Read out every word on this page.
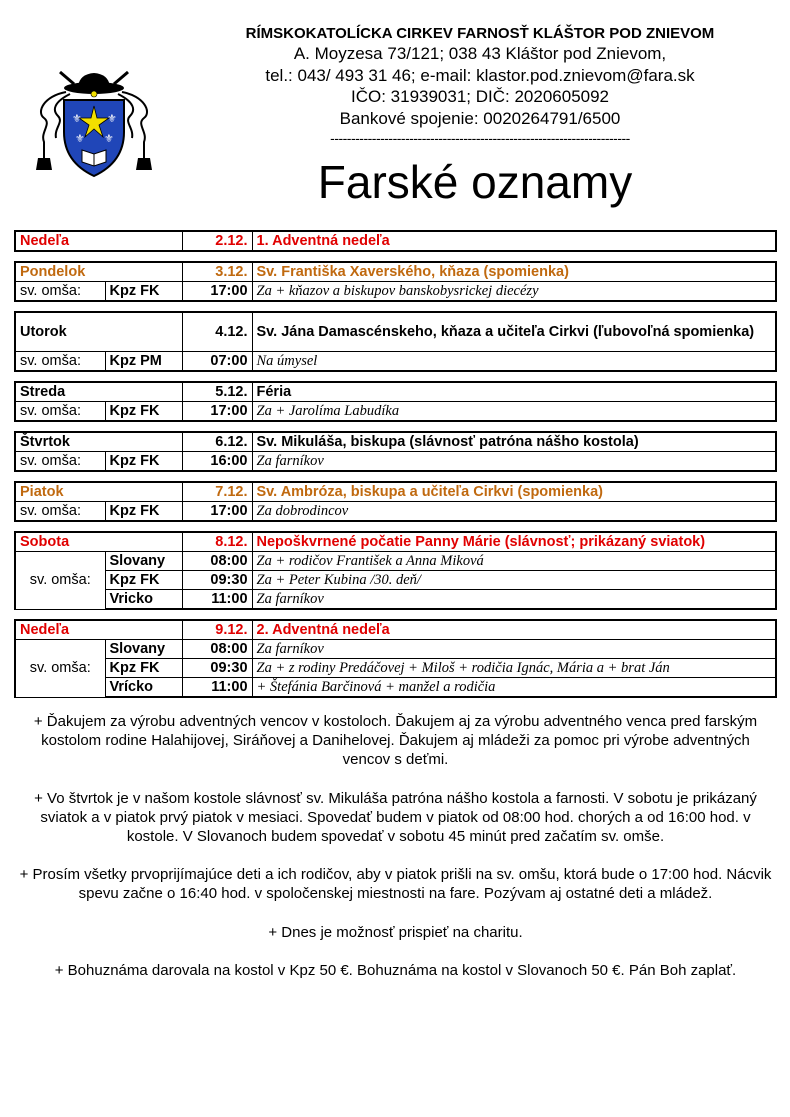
⚜ ⚜
⚜ ⚜
RÍMSKOKATOLÍCKA CIRKEV FARNOSŤ KLÁŠTOR POD ZNIEVOM
A. Moyzesa 73/121; 038 43 Kláštor pod Znievom,
tel.: 043/ 493 31 46; e-mail: klastor.pod.znievom@fara.sk
IČO: 31939031; DIČ: 2020605092
Bankové spojenie: 0020264791/6500
------------------------------------------------------------------------
Farské oznamy
Nedeľa	2.12.	1. Adventná nedeľa
Pondelok		3.12.	Sv. Františka Xaverského, kňaza (spomienka)
sv. omša:	Kpz FK	17:00	Za + kňazov a biskupov banskobysrickej diecézy
Utorok		4.12.	Sv. Jána Damascénskeho, kňaza a učiteľa Cirkvi (ľubovoľná spomienka)
sv. omša:	Kpz PM	07:00	Na úmysel
Streda		5.12.	Féria
sv. omša:	Kpz FK	17:00	Za + Jarolíma Labudíka
Štvrtok		6.12.	Sv. Mikuláša, biskupa (slávnosť patróna nášho kostola)
sv. omša:	Kpz FK	16:00	Za farníkov
Piatok		7.12.	Sv. Ambróza, biskupa a učiteľa Cirkvi (spomienka)
sv. omša:	Kpz FK	17:00	Za dobrodincov
Sobota		8.12.	Nepoškvrnené počatie Panny Márie (slávnosť; prikázaný sviatok)
sv. omša:	Slovany	08:00	Za + rodičov František a Anna Miková
	Kpz FK	09:30	Za + Peter Kubina /30. deň/
	Vricko	11:00	Za farníkov
Nedeľa		9.12.	2. Adventná nedeľa
sv. omša:	Slovany	08:00	Za farníkov
	Kpz FK	09:30	Za + z rodiny Predáčovej + Miloš + rodičia Ignác, Mária a + brat Ján
	Vrícko	11:00	+ Štefánia Barčinová + manžel a rodičia

+ Ďakujem za výrobu adventných vencov v kostoloch. Ďakujem aj za výrobu adventného venca pred farským kostolom rodine Halahijovej, Siráňovej a Danihelovej. Ďakujem aj mládeži za pomoc pri výrobe adventných vencov s deťmi.

+ Vo štvrtok je v našom kostole slávnosť sv. Mikuláša patróna nášho kostola a farnosti. V sobotu je prikázaný sviatok a v piatok prvý piatok v mesiaci. Spovedať budem v piatok od 08:00 hod. chorých a od 16:00 hod. v kostole. V Slovanoch budem spovedať v sobotu 45 minút pred začatím sv. omše.

+ Prosím všetky prvoprijímajúce deti a ich rodičov, aby v piatok prišli na sv. omšu, ktorá bude o 17:00 hod. Nácvik spevu začne o 16:40 hod. v spoločenskej miestnosti na fare. Pozývam aj ostatné deti a mládež.

+ Dnes je možnosť prispieť na charitu.

+ Bohuznáma darovala na kostol v Kpz 50 €. Bohuznáma na kostol v Slovanoch 50 €. Pán Boh zaplať.
